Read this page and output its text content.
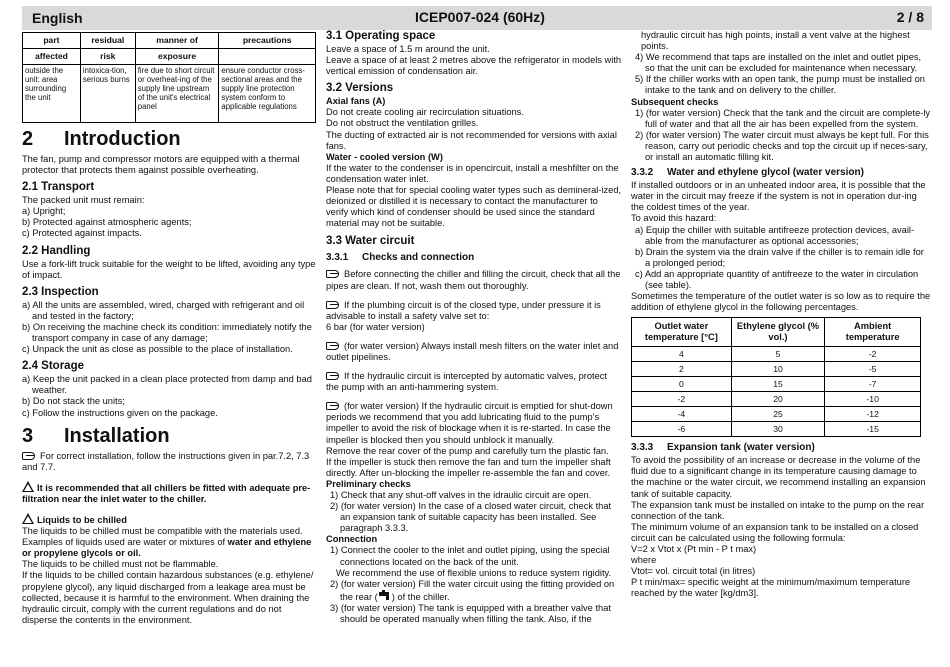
English	ICEP007-024 (60Hz)	2 / 8
part	residual	manner of	precautions
affected	risk	exposure	
outside the unit: area surrounding the unit	intoxica-tion, serious burns	fire due to short circuit or overheat-ing of the supply line upstream of the unit's electrical panel	ensure conductor cross-sectional areas and the supply line protection system conform to applicable regulations
2 Introduction

The fan, pump and compressor motors are equipped with a thermal protector that protects them against possible overheating.

2.1 Transport

The packed unit must remain:

a) Upright;

b) Protected against atmospheric agents;

c) Protected against impacts.

2.2 Handling

Use a fork-lift truck suitable for the weight to be lifted, avoiding any type of impact.

2.3 Inspection

a) All the units are assembled, wired, charged with refrigerant and oil and tested in the factory;

b) On receiving the machine check its condition: immediately notify the transport company in case of any damage;

c) Unpack the unit as close as possible to the place of installation.

2.4 Storage

a) Keep the unit packed in a clean place protected from damp and bad weather.

b) Do not stack the units;

c) Follow the instructions given on the package.

3 Installation

For correct installation, follow the instructions given in par.7.2, 7.3 and 7.7.

It is recommended that all chillers be fitted with adequate pre-filtration near the inlet water to the chiller.

Liquids to be chilled

The liquids to be chilled must be compatible with the materials used. Examples of liquids used are water or mixtures of water and ethylene or propylene glycols or oil.

The liquids to be chilled must not be flammable.

If the liquids to be chilled contain hazardous substances (e.g. ethylene/ propylene glycol), any liquid discharged from a leakage area must be collected, because it is harmful to the environment. When draining the hydraulic circuit, comply with the current regulations and do not disperse the contents in the environment.

3.1 Operating space

Leave a space of 1.5 m around the unit.
Leave a space of at least 2 metres above the refrigerator in models with vertical emission of condensation air.

3.2 Versions

Axial fans (A)

Do not create cooling air recirculation situations.
Do not obstruct the ventilation grilles.
The ducting of extracted air is not recommended for versions with axial fans.

Water - cooled version (W)

If the water to the condenser is in opencircuit, install a meshfilter on the condensation water inlet.
Please note that for special cooling water types such as demineral-ized, deionized or distilled it is necessary to contact the manufacturer to verify which kind of condenser should be used since the standard material may not be suitable.

3.3 Water circuit
3.3.1 Checks and connection

Before connecting the chiller and filling the circuit, check that all the pipes are clean. If not, wash them out thoroughly.

If the plumbing circuit is of the closed type, under pressure it is advisable to install a safety valve set to:
6 bar (for water version)

(for water version) Always install mesh filters on the water inlet and outlet pipelines.

If the hydraulic circuit is intercepted by automatic valves, protect the pump with an anti-hammering system.

(for water version) If the hydraulic circuit is emptied for shut-down periods we recommend that you add lubricating fluid to the pump's impeller to avoid the risk of blockage when it is re-started. In case the impeller is blocked then you should unblock it manually.
Remove the rear cover of the pump and carefully turn the plastic fan.
If the impeller is stuck then remove the fan and turn the impeller shaft directly. After un-blocking the impeller re-assemble the fan and cover.

Preliminary checks

1) Check that any shut-off valves in the idraulic circuit are open.

2) (for water version) In the case of a closed water circuit, check that an expansion tank of suitable capacity has been installed. See paragraph 3.3.3.

Connection

1) Connect the cooler to the inlet and outlet piping, using the special connections located on the back of the unit.

We recommend the use of flexible unions to reduce system rigidity.

2) (for water version) Fill the water circuit using the fitting provided on the rear ( ) of the chiller.

3) (for water version) The tank is equipped with a breather valve that should be operated manually when filling the tank. Also, if the

hydraulic circuit has high points, install a vent valve at the highest points.

4) We recommend that taps are installed on the inlet and outlet pipes, so that the unit can be excluded for maintenance when necessary.

5) If the chiller works with an open tank, the pump must be installed on intake to the tank and on delivery to the chiller.

Subsequent checks

1) (for water version) Check that the tank and the circuit are complete-ly full of water and that all the air has been expelled from the system.

2) (for water version) The water circuit must always be kept full. For this reason, carry out periodic checks and top the circuit up if neces-sary, or install an automatic filling kit.

3.3.2 Water and ethylene glycol (water version)

If installed outdoors or in an unheated indoor area, it is possible that the water in the circuit may freeze if the system is not in operation dur-ing the coldest times of the year.
To avoid this hazard:

a) Equip the chiller with suitable antifreeze protection devices, avail-able from the manufacturer as optional accessories;

b) Drain the system via the drain valve if the chiller is to remain idle for a prolonged period;

c) Add an appropriate quantity of antifreeze to the water in circulation (see table).

Sometimes the temperature of the outlet water is so low as to require the addition of ethylene glycol in the following percentages.

Outlet water temperature [°C]	Ethylene glycol (% vol.)	Ambient temperature
4	5	-2
2	10	-5
0	15	-7
-2	20	-10
-4	25	-12
-6	30	-15
3.3.3 Expansion tank (water version)

To avoid the possibility of an increase or decrease in the volume of the fluid due to a significant change in its temperature causing damage to the machine or the water circuit, we recommend installing an expansion tank of suitable capacity.
The expansion tank must be installed on intake to the pump on the rear connection of the tank.
The minimum volume of an expansion tank to be installed on a closed circuit can be calculated using the following formula:
V=2 x Vtot x (Pt min - P t max)
where
Vtot= vol. circuit total (in litres)
P t min/max= specific weight at the minimum/maximum temperature reached by the water [kg/dm3].
